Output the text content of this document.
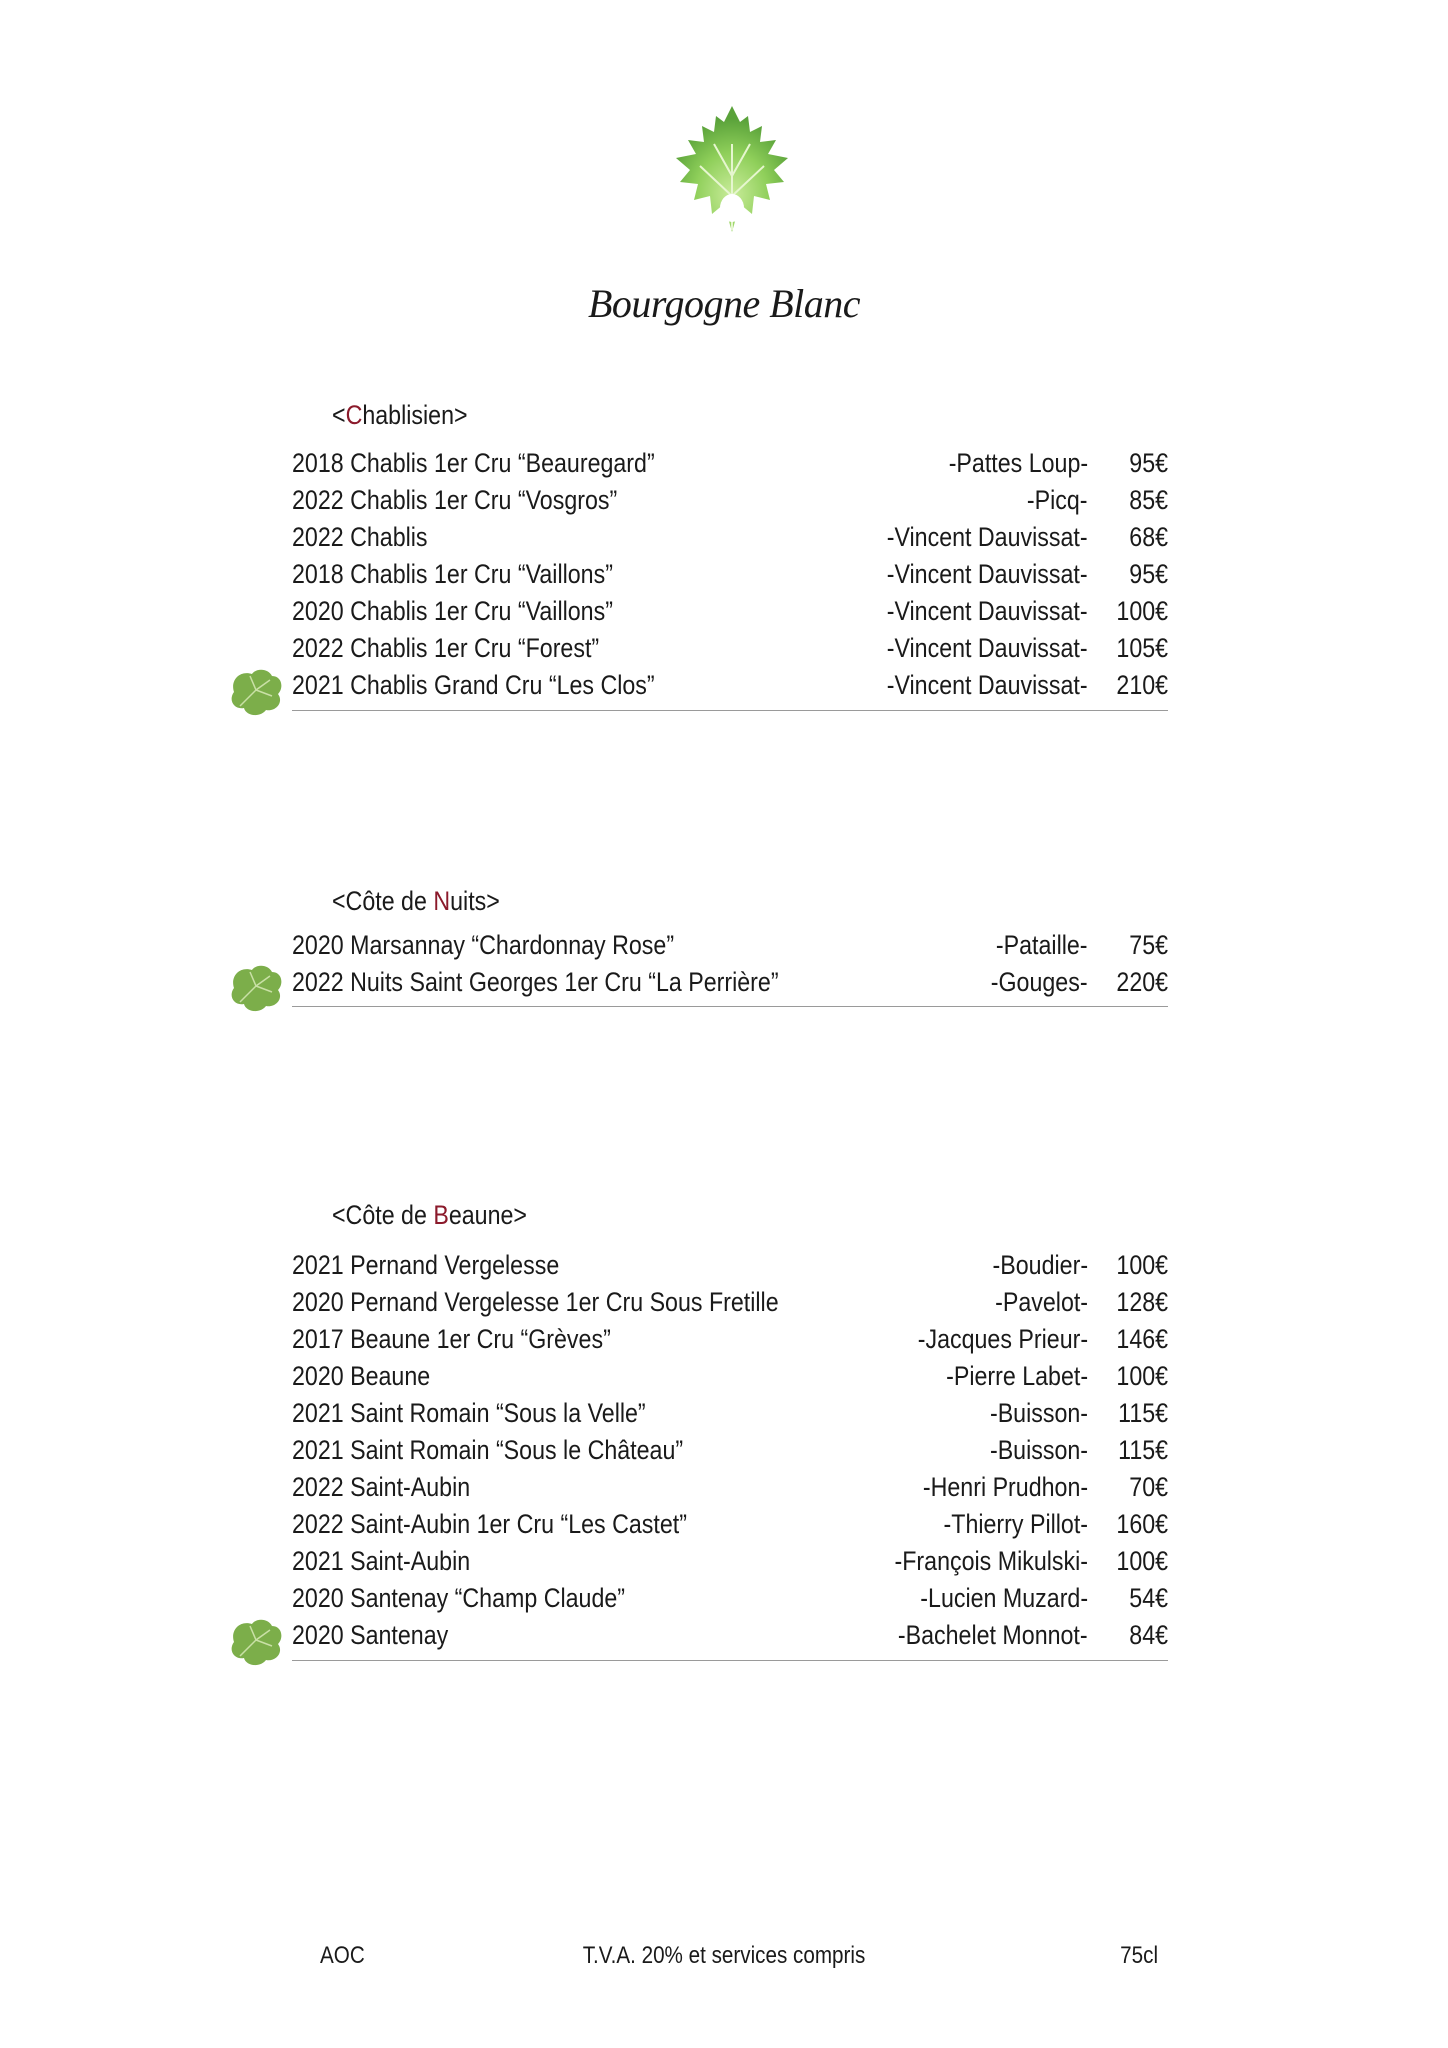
Bourgogne Blanc
<Chablisien>
2018 Chablis 1er Cru “Beauregard”	-Pattes Loup- 95€
2022 Chablis 1er Cru “Vosgros”	-Picq- 85€
2022 Chablis	-Vincent Dauvissat- 68€
2018 Chablis 1er Cru “Vaillons”	-Vincent Dauvissat- 95€
2020 Chablis 1er Cru “Vaillons”	-Vincent Dauvissat- 100€
2022 Chablis 1er Cru “Forest”	-Vincent Dauvissat- 105€
2021 Chablis Grand Cru “Les Clos”	-Vincent Dauvissat- 210€
<Côte de Nuits>
2020 Marsannay “Chardonnay Rose”	-Pataille- 75€
2022 Nuits Saint Georges 1er Cru “La Perrière”	-Gouges- 220€
<Côte de Beaune>
2021 Pernand Vergelesse	-Boudier- 100€
2020 Pernand Vergelesse 1er Cru Sous Fretille	-Pavelot- 128€
2017 Beaune 1er Cru “Grèves”	-Jacques Prieur- 146€
2020 Beaune	-Pierre Labet- 100€
2021 Saint Romain “Sous la Velle”	-Buisson- 115€
2021 Saint Romain “Sous le Château”	-Buisson- 115€
2022 Saint-Aubin	-Henri Prudhon- 70€
2022 Saint-Aubin 1er Cru “Les Castet”	-Thierry Pillot- 160€
2021 Saint-Aubin	-François Mikulski- 100€
2020 Santenay “Champ Claude”	-Lucien Muzard- 54€
2020 Santenay	-Bachelet Monnot- 84€
AOC	T.V.A. 20% et services compris	75cl
